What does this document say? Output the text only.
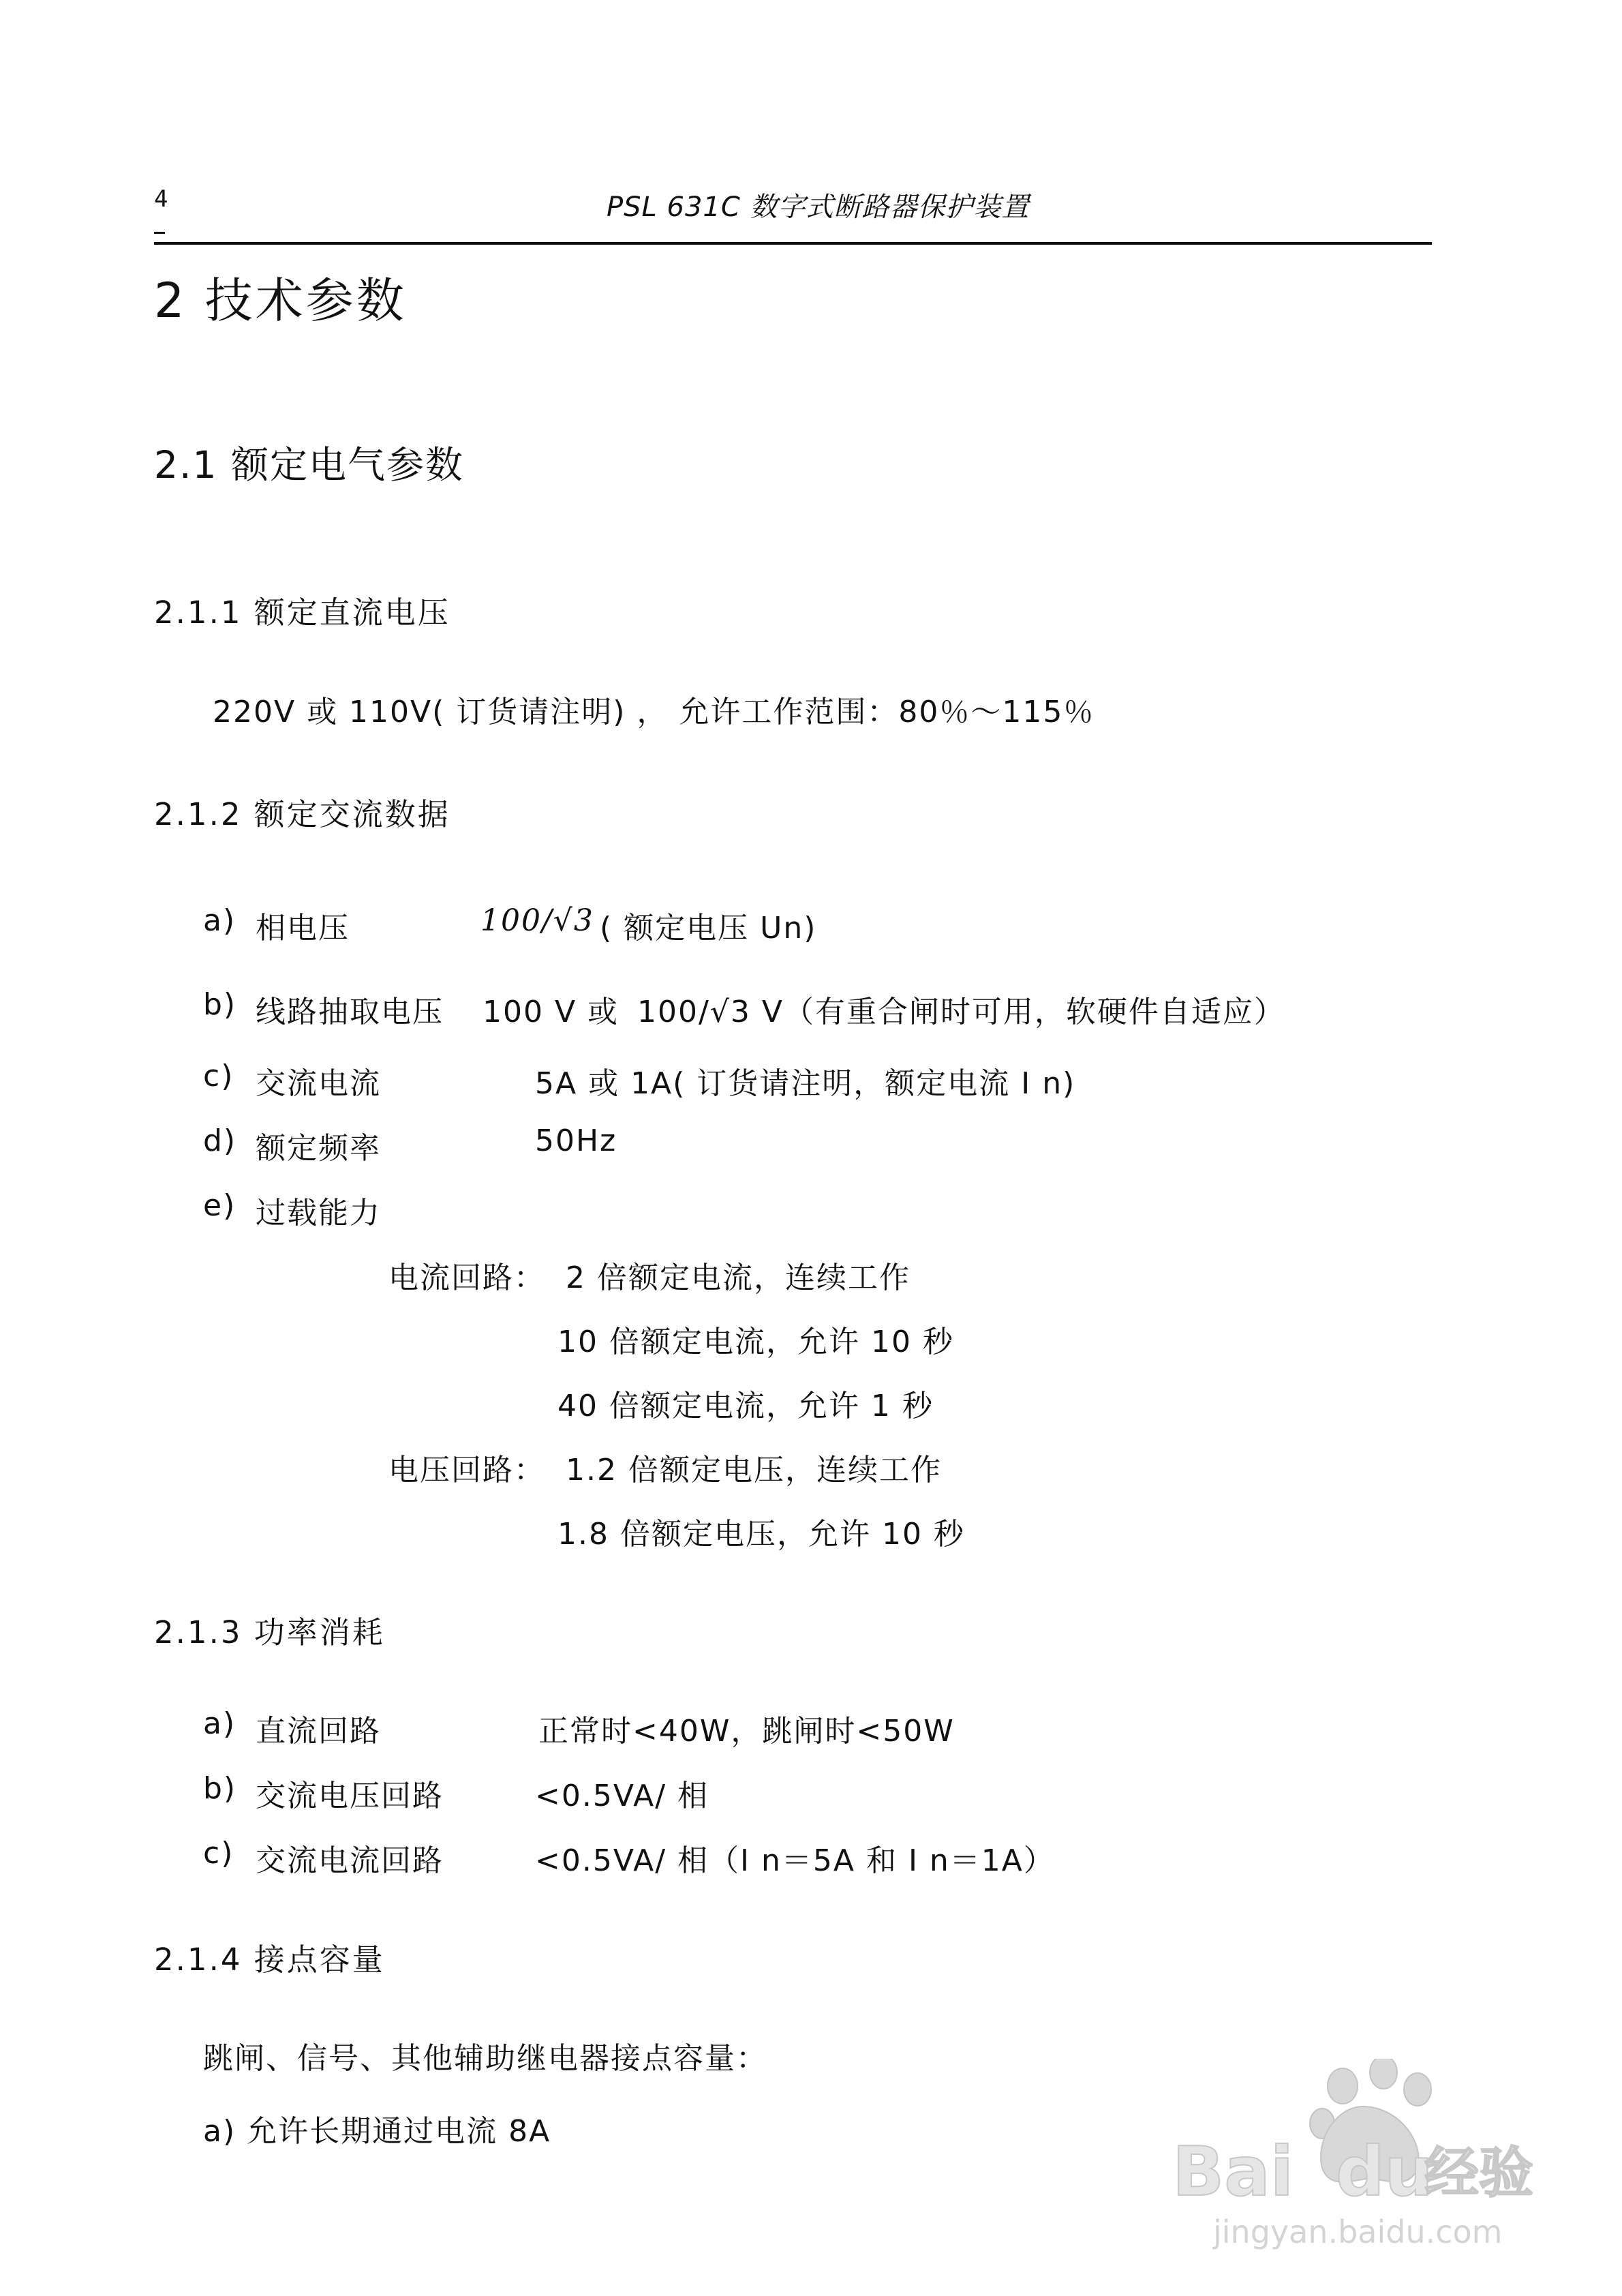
4	PSL 631C 数字式断路器保护装置
2 技术参数
2.1 额定电气参数
2.1.1 额定直流电压
220V 或 110V( 订货请注明) ， 允许工作范围：80％～115％
2.1.2 额定交流数据
a) 相电压	100/√3 ( 额定电压 Un)
b) 线路抽取电压 100 V 或 100/√3 V（有重合闸时可用，软硬件自适应）
c) 交流电流	5A 或 1A( 订货请注明，额定电流 I n)
d) 额定频率	50Hz
e) 过载能力
电流回路： 2 倍额定电流，连续工作
10 倍额定电流，允许 10 秒
40 倍额定电流，允许 1 秒
电压回路： 1.2 倍额定电压，连续工作
1.8 倍额定电压，允许 10 秒
2.1.3 功率消耗
a) 直流回路	正常时<40W，跳闸时<50W
b) 交流电压回路	<0.5VA/ 相
c) 交流电流回路	<0.5VA/ 相（I n＝5A 和 I n＝1A）
2.1.4 接点容量
跳闸、信号、其他辅助继电器接点容量：
a) 允许长期通过电流 8A
Bai du
经验
jingyan.baidu.com
